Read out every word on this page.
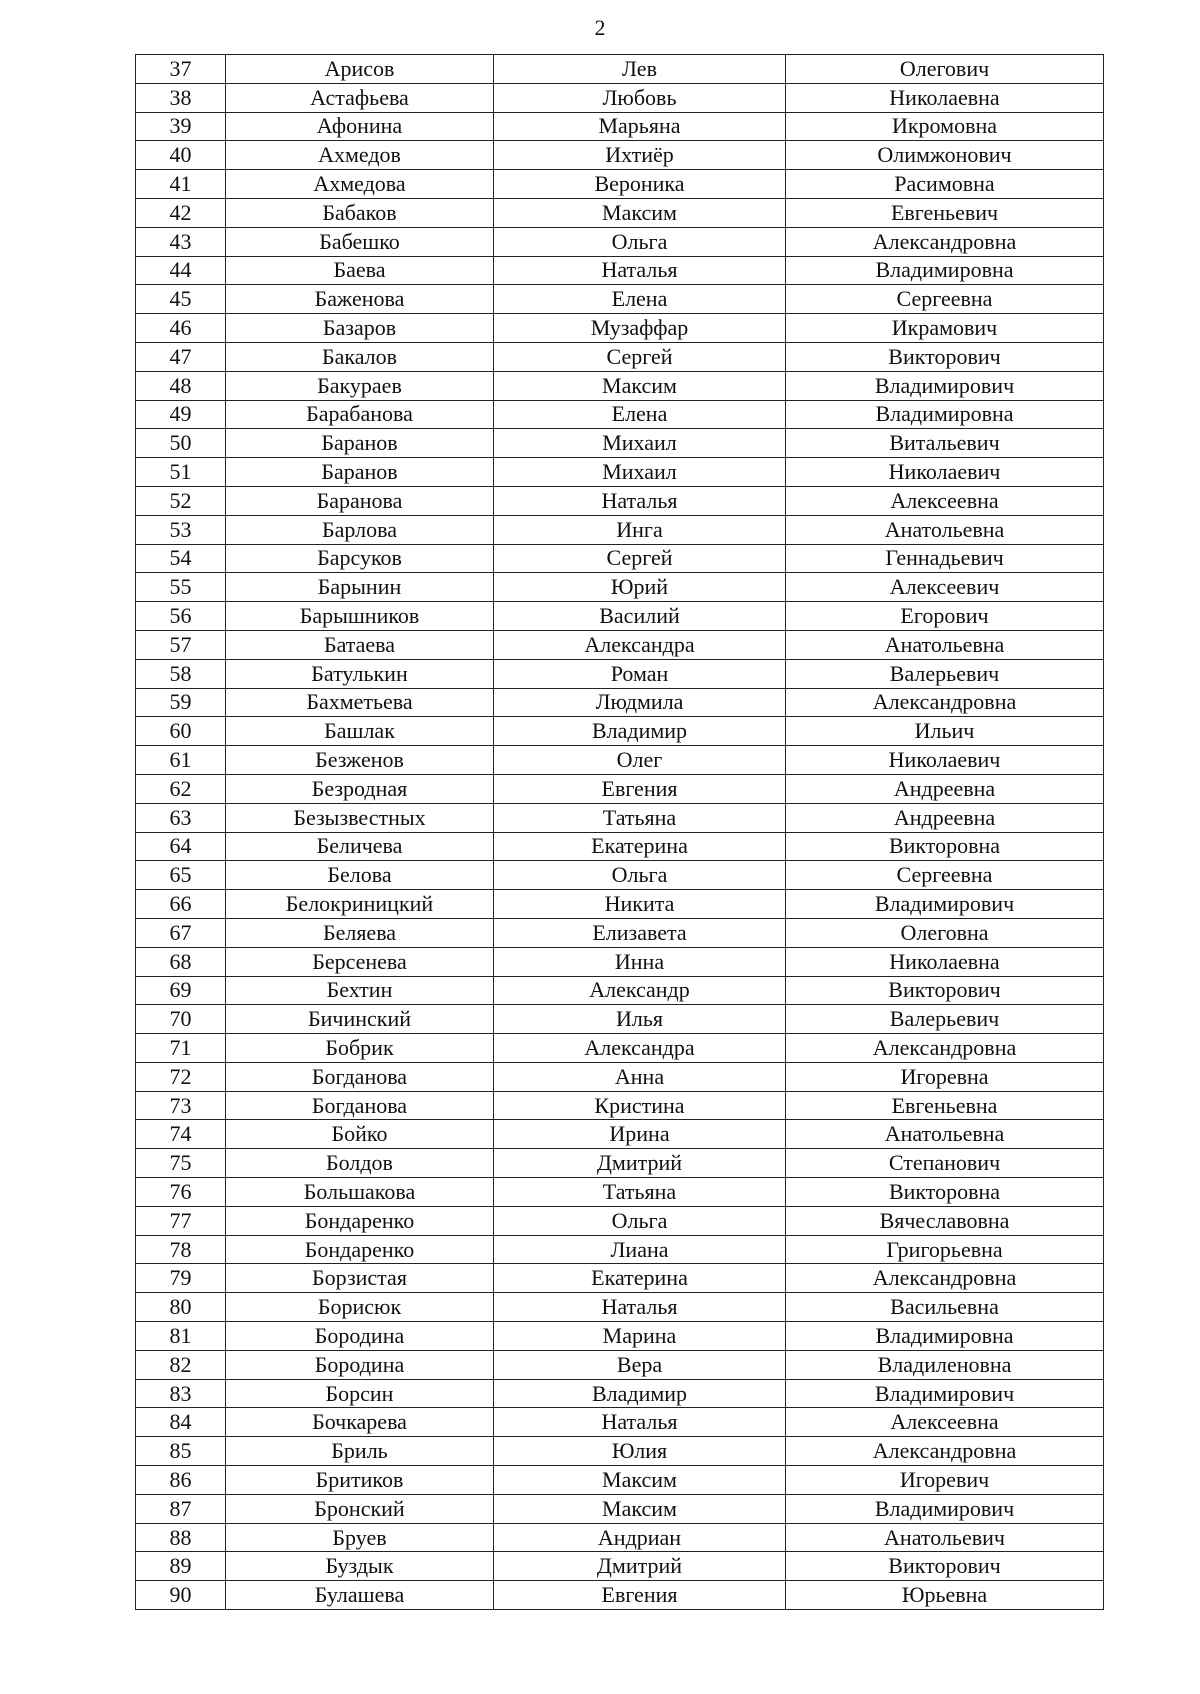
2
37	Арисов	Лев	Олегович
38	Астафьева	Любовь	Николаевна
39	Афонина	Марьяна	Икромовна
40	Ахмедов	Ихтиёр	Олимжонович
41	Ахмедова	Вероника	Расимовна
42	Бабаков	Максим	Евгеньевич
43	Бабешко	Ольга	Александровна
44	Баева	Наталья	Владимировна
45	Баженова	Елена	Сергеевна
46	Базаров	Музаффар	Икрамович
47	Бакалов	Сергей	Викторович
48	Бакураев	Максим	Владимирович
49	Барабанова	Елена	Владимировна
50	Баранов	Михаил	Витальевич
51	Баранов	Михаил	Николаевич
52	Баранова	Наталья	Алексеевна
53	Барлова	Инга	Анатольевна
54	Барсуков	Сергей	Геннадьевич
55	Барынин	Юрий	Алексеевич
56	Барышников	Василий	Егорович
57	Батаева	Александра	Анатольевна
58	Батулькин	Роман	Валерьевич
59	Бахметьева	Людмила	Александровна
60	Башлак	Владимир	Ильич
61	Безженов	Олег	Николаевич
62	Безродная	Евгения	Андреевна
63	Безызвестных	Татьяна	Андреевна
64	Беличева	Екатерина	Викторовна
65	Белова	Ольга	Сергеевна
66	Белокриницкий	Никита	Владимирович
67	Беляева	Елизавета	Олеговна
68	Берсенева	Инна	Николаевна
69	Бехтин	Александр	Викторович
70	Бичинский	Илья	Валерьевич
71	Бобрик	Александра	Александровна
72	Богданова	Анна	Игоревна
73	Богданова	Кристина	Евгеньевна
74	Бойко	Ирина	Анатольевна
75	Болдов	Дмитрий	Степанович
76	Большакова	Татьяна	Викторовна
77	Бондаренко	Ольга	Вячеславовна
78	Бондаренко	Лиана	Григорьевна
79	Борзистая	Екатерина	Александровна
80	Борисюк	Наталья	Васильевна
81	Бородина	Марина	Владимировна
82	Бородина	Вера	Владиленовна
83	Борсин	Владимир	Владимирович
84	Бочкарева	Наталья	Алексеевна
85	Бриль	Юлия	Александровна
86	Бритиков	Максим	Игоревич
87	Бронский	Максим	Владимирович
88	Бруев	Андриан	Анатольевич
89	Буздык	Дмитрий	Викторович
90	Булашева	Евгения	Юрьевна
